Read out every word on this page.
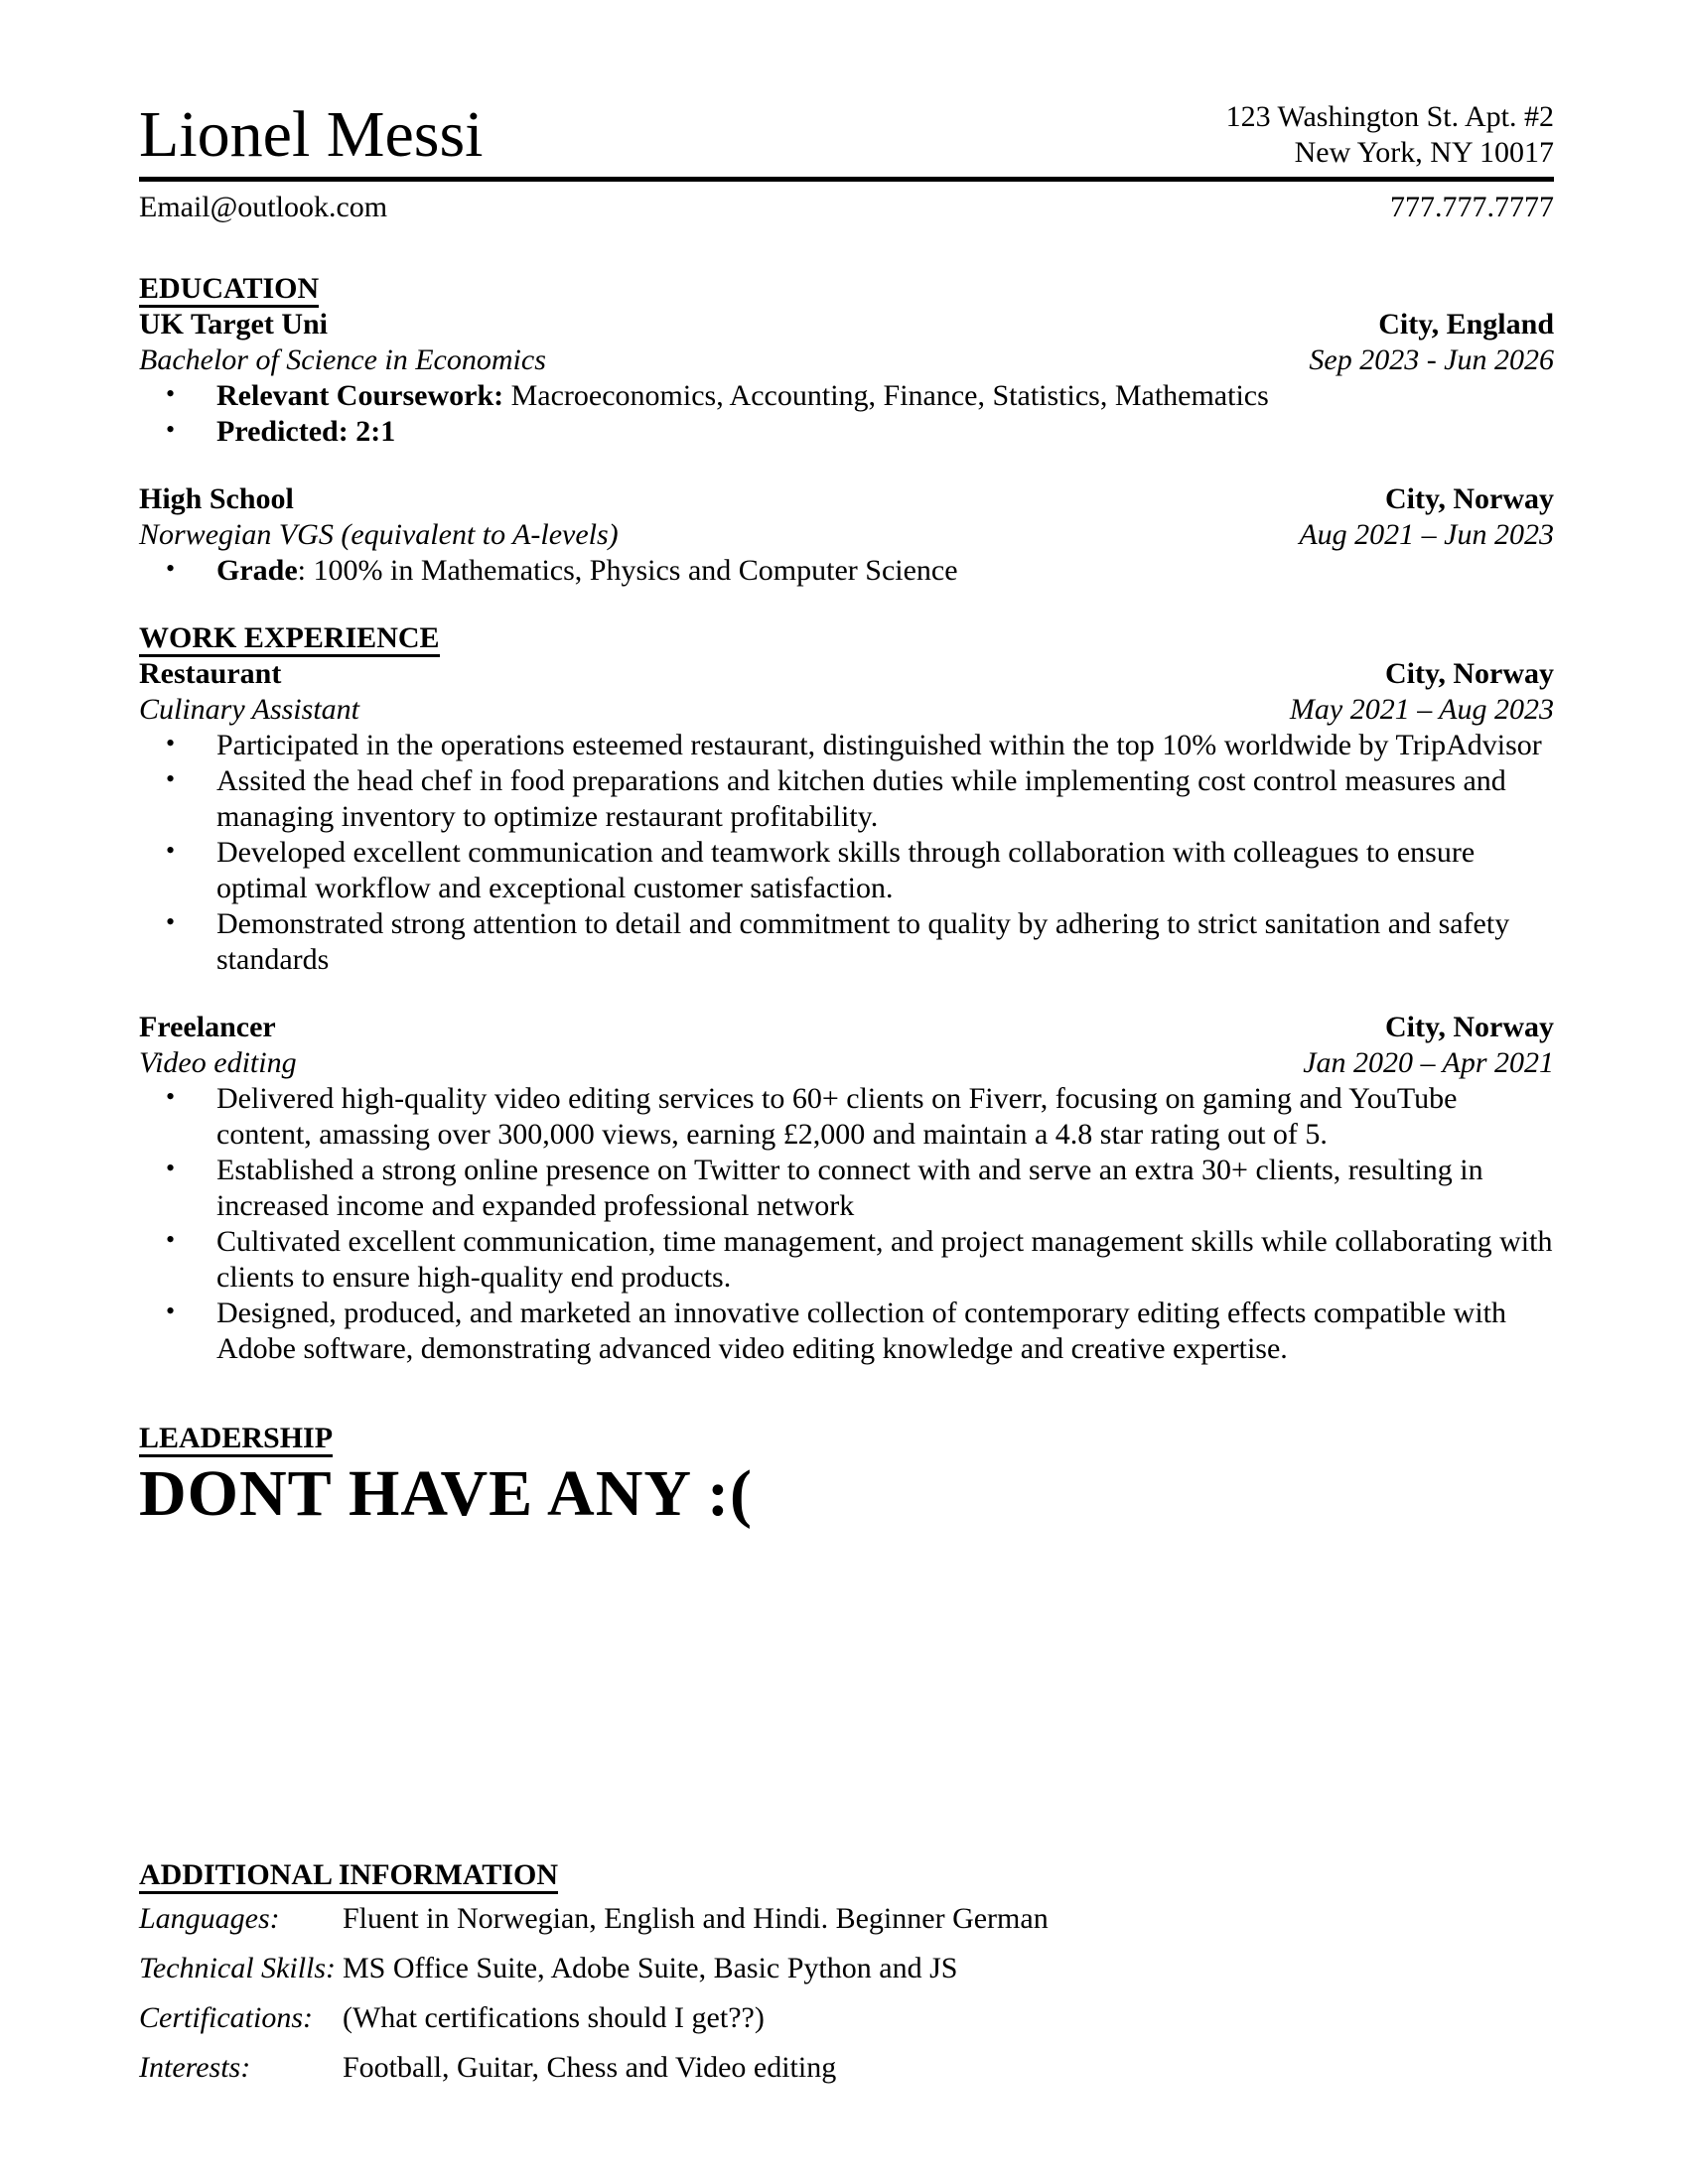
Lionel Messi	123 Washington St. Apt. #2
New York, NY 10017
Email@outlook.com	777.777.7777
EDUCATION
UK Target Uni	City, England
Bachelor of Science in Economics	Sep 2023 - Jun 2026
• Relevant Coursework: Macroeconomics, Accounting, Finance, Statistics, Mathematics
• Predicted: 2:1
High School	City, Norway
Norwegian VGS (equivalent to A-levels)	Aug 2021 – Jun 2023
• Grade: 100% in Mathematics, Physics and Computer Science
WORK EXPERIENCE
Restaurant	City, Norway
Culinary Assistant	May 2021 – Aug 2023
• Participated in the operations esteemed restaurant, distinguished within the top 10% worldwide by TripAdvisor
• Assited the head chef in food preparations and kitchen duties while implementing cost control measures and managing inventory to optimize restaurant profitability.
• Developed excellent communication and teamwork skills through collaboration with colleagues to ensure optimal workflow and exceptional customer satisfaction.
• Demonstrated strong attention to detail and commitment to quality by adhering to strict sanitation and safety standards
Freelancer	City, Norway
Video editing	Jan 2020 – Apr 2021
• Delivered high-quality video editing services to 60+ clients on Fiverr, focusing on gaming and YouTube content, amassing over 300,000 views, earning £2,000 and maintain a 4.8 star rating out of 5.
• Established a strong online presence on Twitter to connect with and serve an extra 30+ clients, resulting in increased income and expanded professional network
• Cultivated excellent communication, time management, and project management skills while collaborating with clients to ensure high-quality end products.
• Designed, produced, and marketed an innovative collection of contemporary editing effects compatible with Adobe software, demonstrating advanced video editing knowledge and creative expertise.
LEADERSHIP
DONT HAVE ANY :(
ADDITIONAL INFORMATION
Languages:	Fluent in Norwegian, English and Hindi. Beginner German
Technical Skills: MS Office Suite, Adobe Suite, Basic Python and JS
Certifications:	(What certifications should I get??)
Interests:	Football, Guitar, Chess and Video editing
